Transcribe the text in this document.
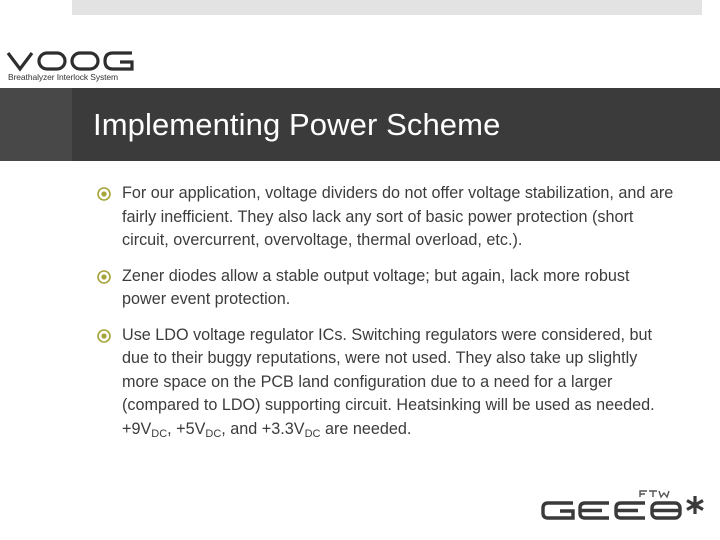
Breathalyzer Interlock System
Implementing Power Scheme
For our application, voltage dividers do not offer voltage stabilization, and are fairly inefficient. They also lack any sort of basic power protection (short circuit, overcurrent, overvoltage, thermal overload, etc.).
Zener diodes allow a stable output voltage; but again, lack more robust power event protection.
Use LDO voltage regulator ICs. Switching regulators were considered, but due to their buggy reputations, were not used. They also take up slightly more space on the PCB land configuration due to a need for a larger (compared to LDO) supporting circuit. Heatsinking will be used as needed. $+9V_{DC}$, $+5V_{DC}$, and $+3.3V_{DC}$ are needed.
